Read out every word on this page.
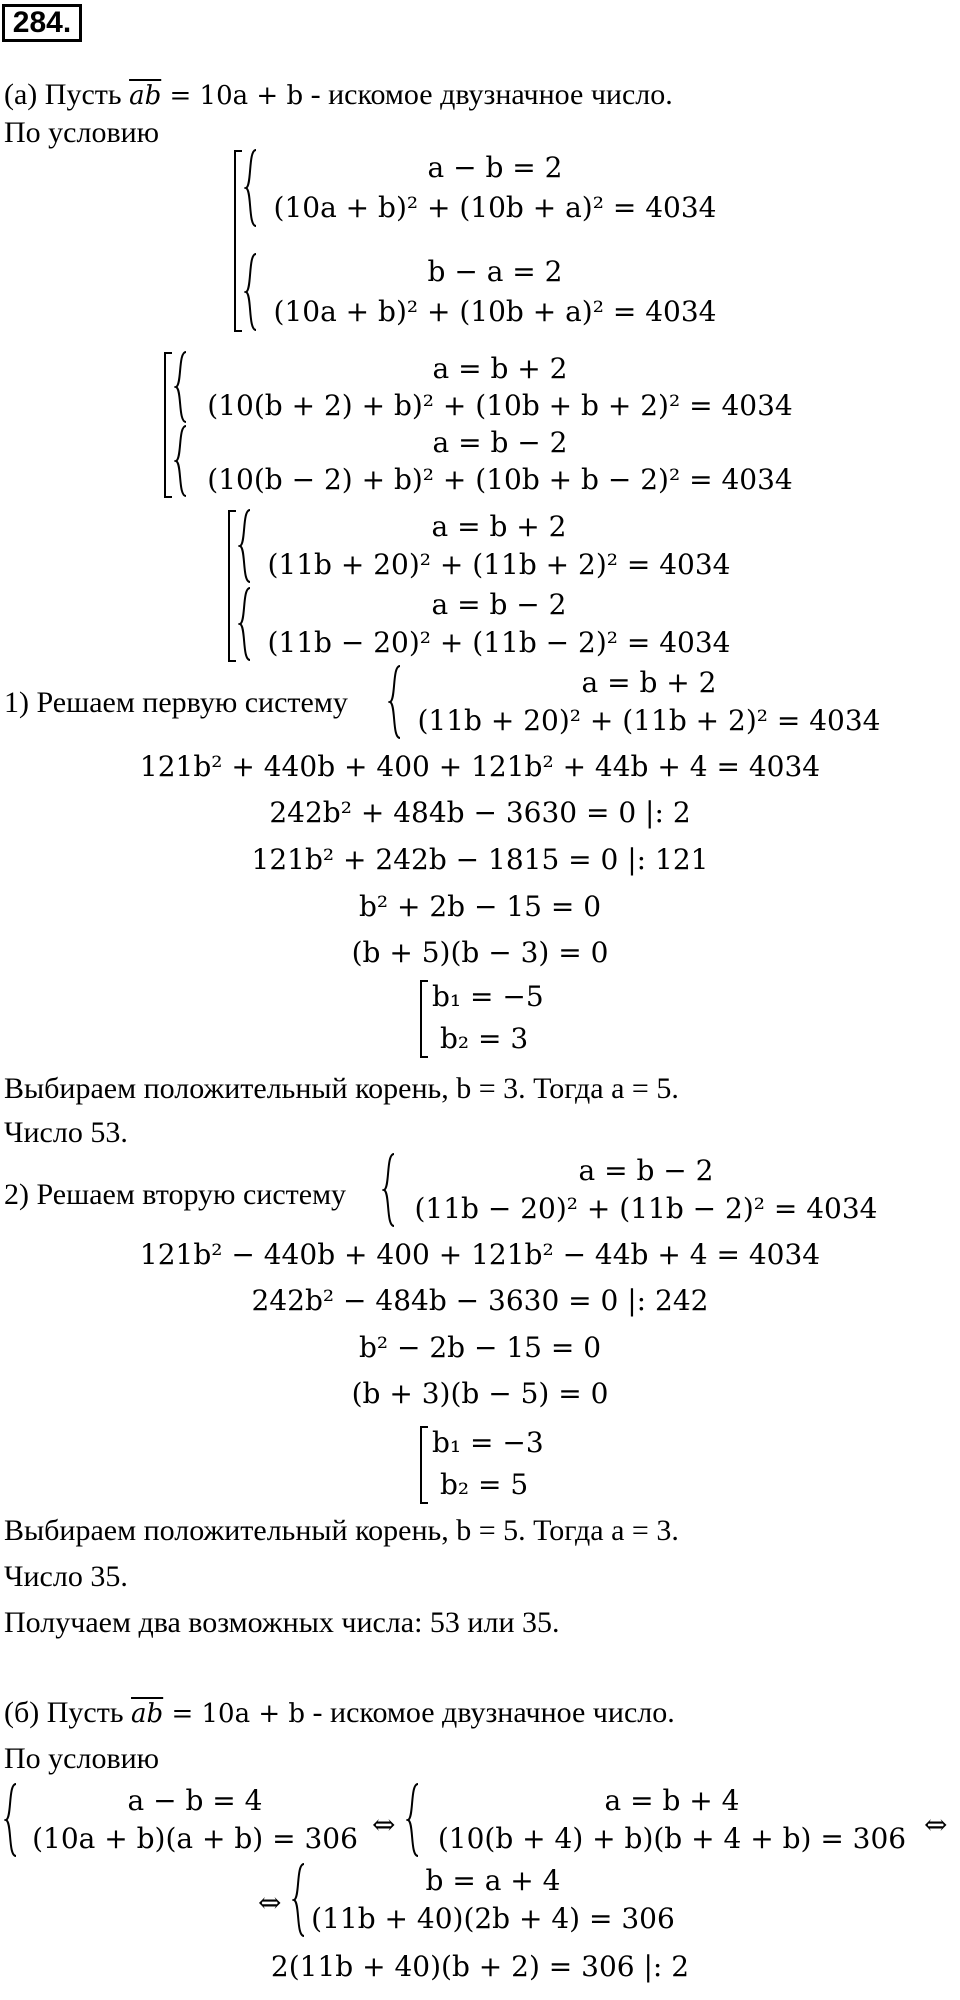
284.
(а) Пусть $\overline{ab} = 10a + b$ - искомое двузначное число.
По условию
a − b = 2
(10a + b)² + (10b + a)² = 4034
b − a = 2
(10a + b)² + (10b + a)² = 4034
a = b + 2
(10(b + 2) + b)² + (10b + b + 2)² = 4034
a = b − 2
(10(b − 2) + b)² + (10b + b − 2)² = 4034
a = b + 2
(11b + 20)² + (11b + 2)² = 4034
a = b − 2
(11b − 20)² + (11b − 2)² = 4034
1) Решаем первую систему
a = b + 2
(11b + 20)² + (11b + 2)² = 4034
121b² + 440b + 400 + 121b² + 44b + 4 = 4034
242b² + 484b − 3630 = 0 |: 2
121b² + 242b − 1815 = 0 |: 121
b² + 2b − 15 = 0
(b + 5)(b − 3) = 0
b₁ = −5
b₂ = 3
Выбираем положительный корень, b = 3. Тогда a = 5.
Число 53.
2) Решаем вторую систему
a = b − 2
(11b − 20)² + (11b − 2)² = 4034
121b² − 440b + 400 + 121b² − 44b + 4 = 4034
242b² − 484b − 3630 = 0 |: 242
b² − 2b − 15 = 0
(b + 3)(b − 5) = 0
b₁ = −3
b₂ = 5
Выбираем положительный корень, b = 5. Тогда a = 3.
Число 35.
Получаем два возможных числа: 53 или 35.
(б) Пусть $\overline{ab} = 10a + b$ - искомое двузначное число.
По условию
a − b = 4
(10a + b)(a + b) = 306 ⇔
a = b + 4
(10(b + 4) + b)(b + 4 + b) = 306 ⇔
⇔
b = a + 4
(11b + 40)(2b + 4) = 306
2(11b + 40)(b + 2) = 306 |: 2
